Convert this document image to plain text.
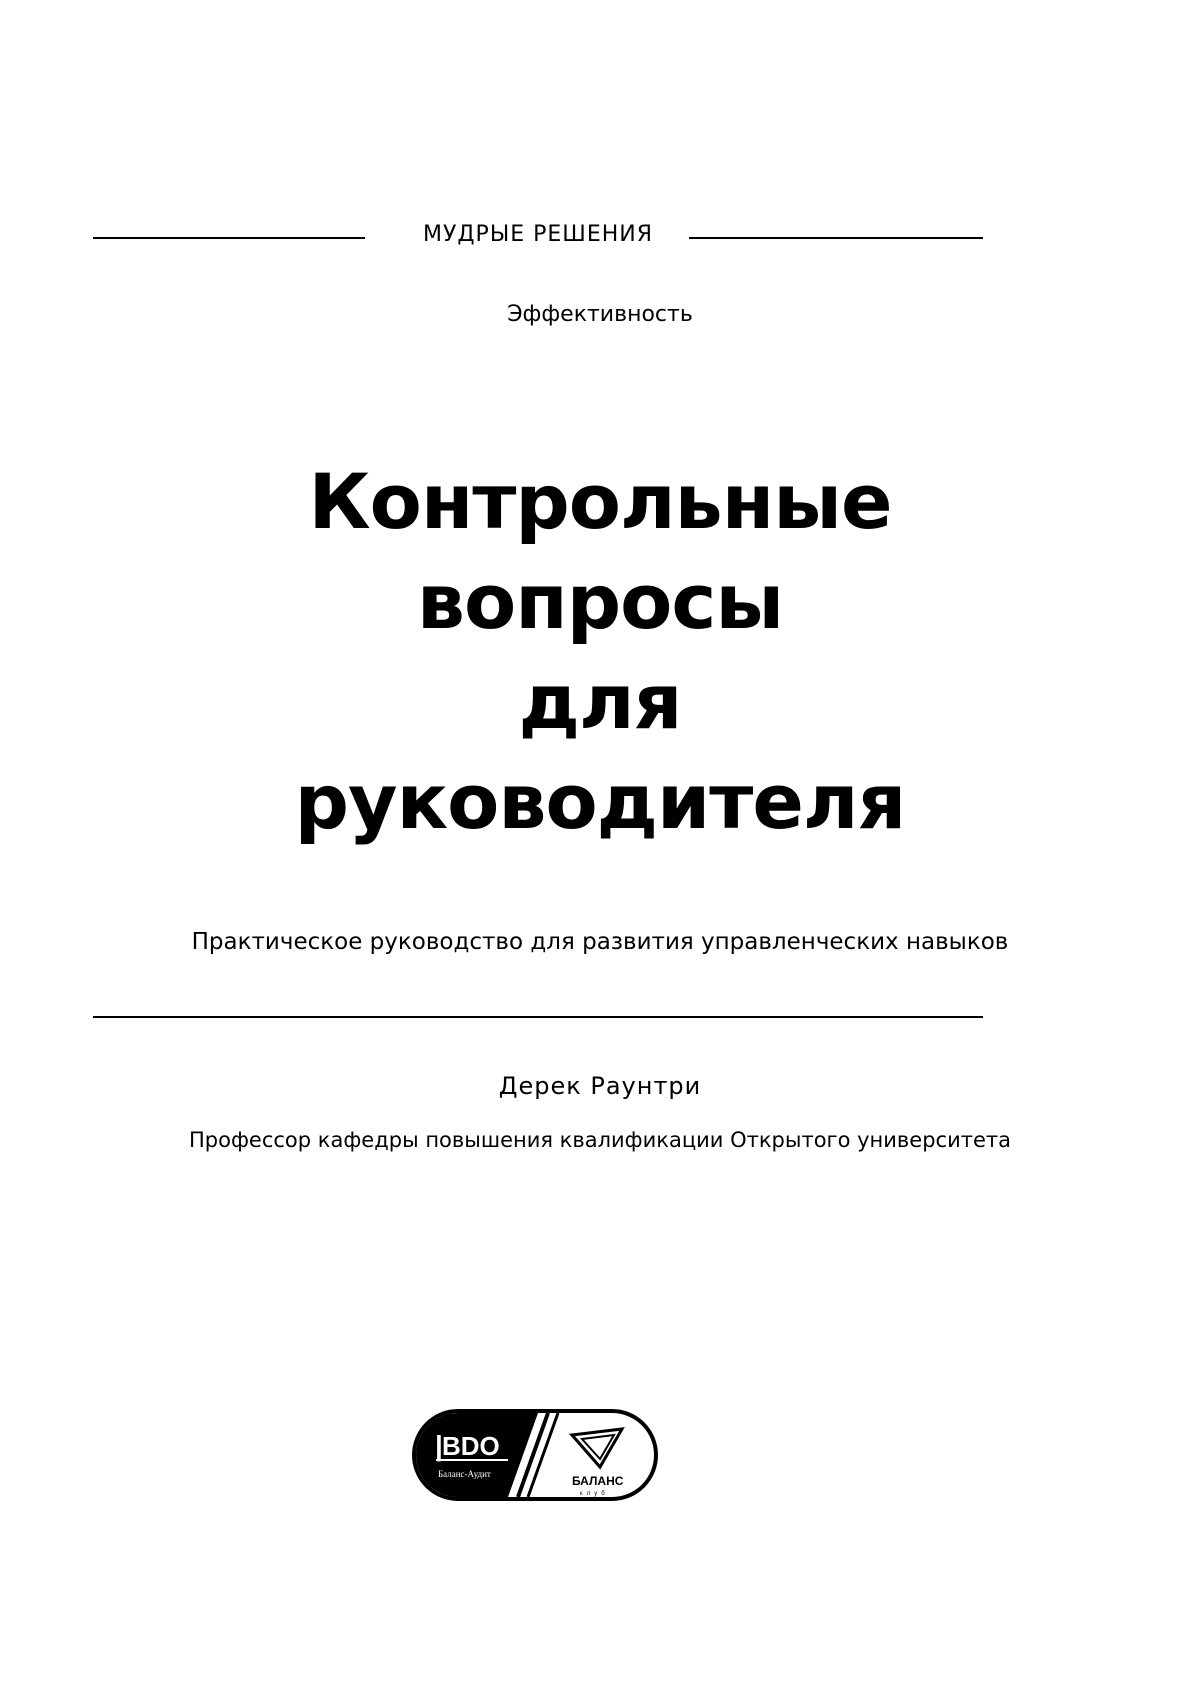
МУДРЫЕ РЕШЕНИЯ
Эффективность
Контрольные
вопросы
для
руководителя
Практическое руководство для развития управленческих навыков
Дерек Раунтри
Профессор кафедры повышения квалификации Открытого университета
| BDO
Баланс-Аудит	БАЛАНС
клуб
